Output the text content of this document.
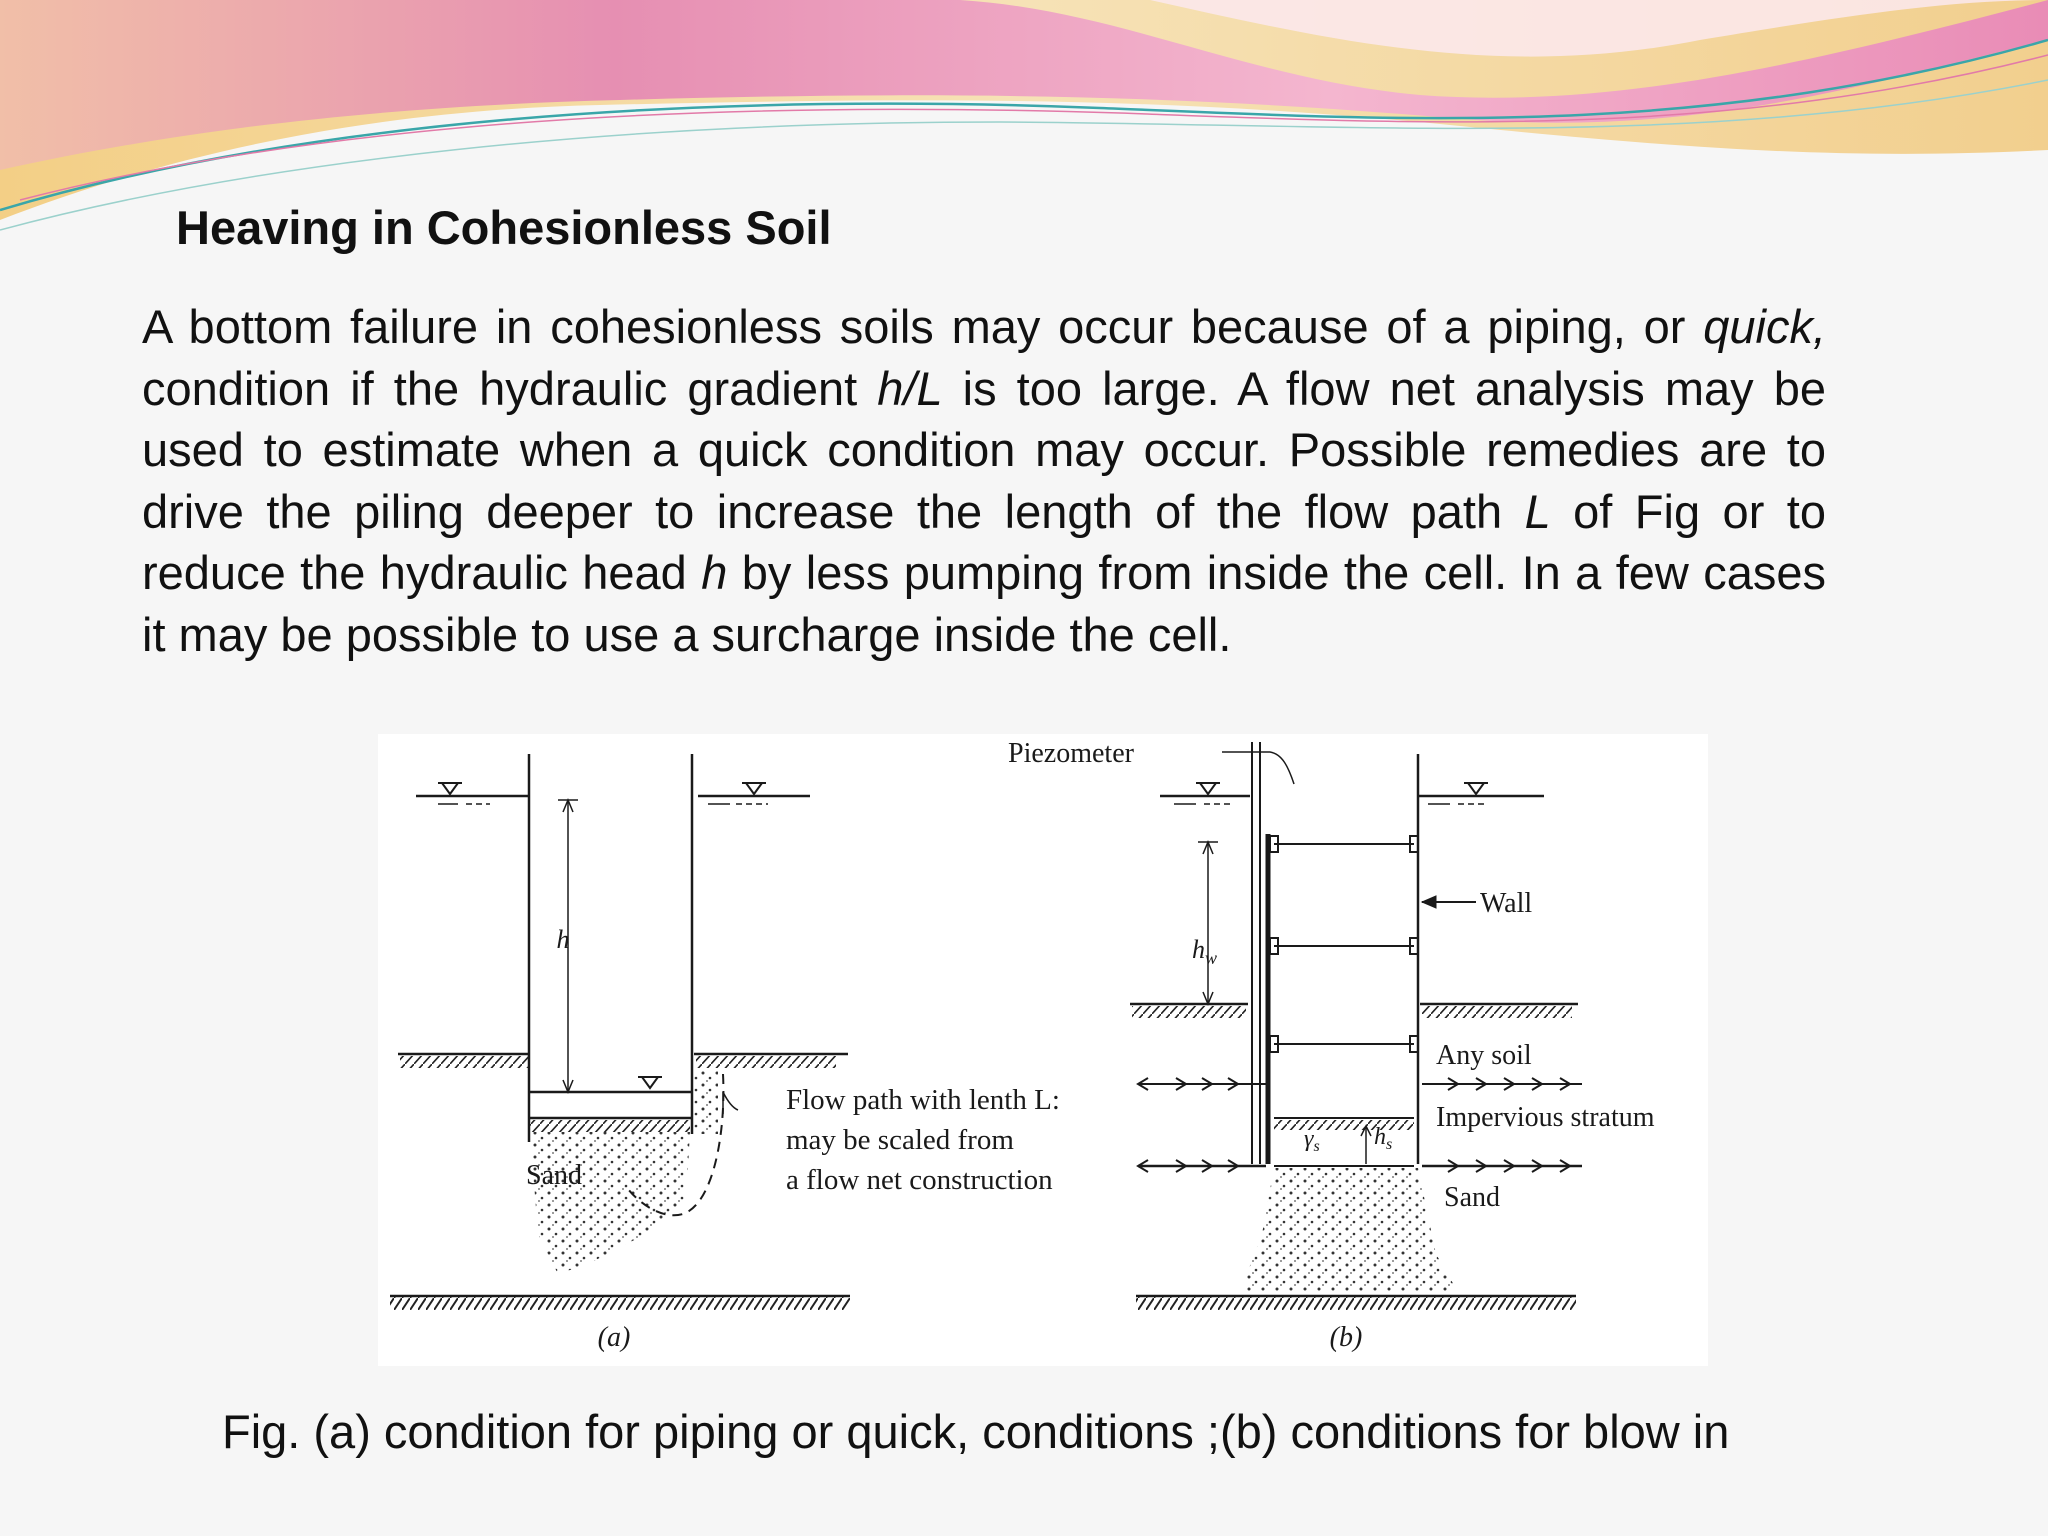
Heaving in Cohesionless Soil
A bottom failure in cohesionless soils may occur because of a piping, or quick, condition if the hydraulic gradient h/L is too large. A flow net analysis may be used to estimate when a quick condition may occur. Possible remedies are to drive the piling deeper to increase the length of the flow path L of Fig or to reduce the hydraulic head h by less pumping from inside the cell. In a few cases it may be possible to use a surcharge inside the cell.
h
Sand
Flow path with lenth L:
may be scaled from
a flow net construction
(a)
Piezometer
Wall
$h_w$
$\gamma_s$ $h_s$
Any soil
Impervious stratum
Sand
(b)
Fig. (a) condition for piping or quick, conditions ;(b) conditions for blow in
